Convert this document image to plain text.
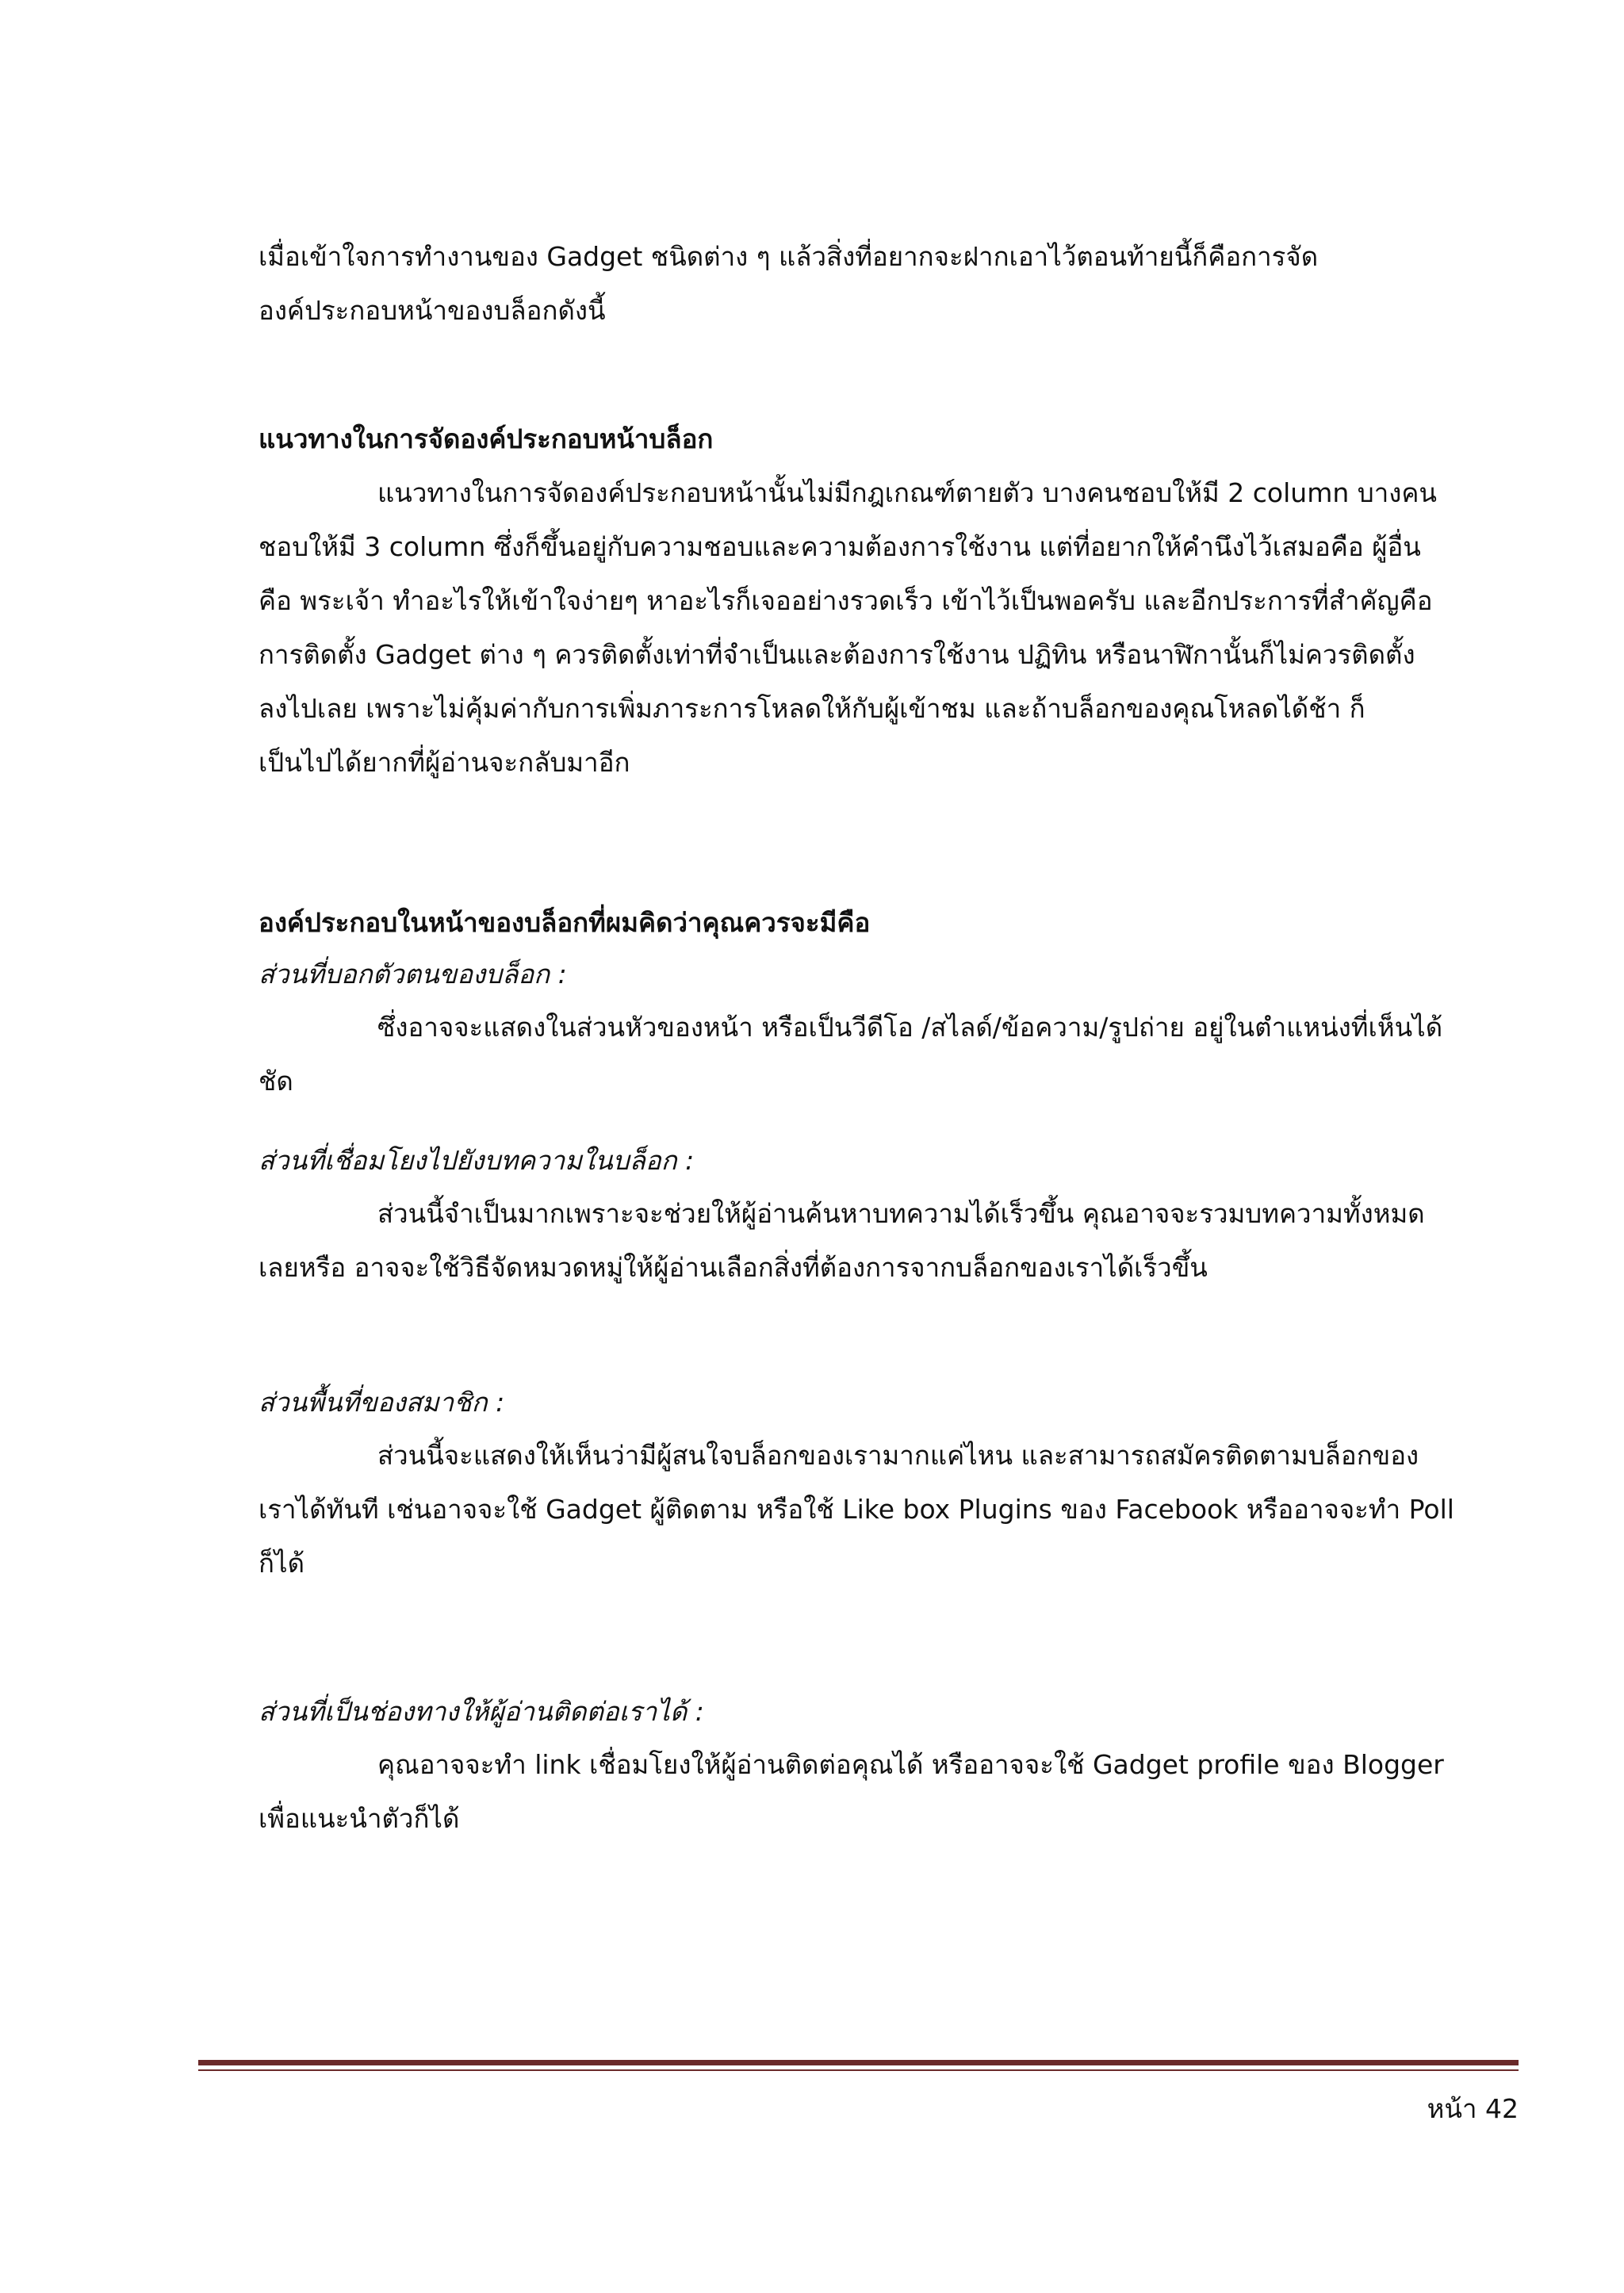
เมื่อเข้าใจการทำงานของ Gadget ชนิดต่าง ๆ แล้วสิ่งที่อยากจะฝากเอาไว้ตอนท้ายนี้ก็คือการจัด
องค์ประกอบหน้าของบล็อกดังนี้
แนวทางในการจัดองค์ประกอบหน้าบล็อก
แนวทางในการจัดองค์ประกอบหน้านั้นไม่มีกฎเกณฑ์ตายตัว บางคนชอบให้มี 2 column บางคน
ชอบให้มี 3 column ซึ่งก็ขึ้นอยู่กับความชอบและความต้องการใช้งาน แต่ที่อยากให้คำนึงไว้เสมอคือ ผู้อื่น
คือ พระเจ้า ทำอะไรให้เข้าใจง่ายๆ หาอะไรก็เจออย่างรวดเร็ว เข้าไว้เป็นพอครับ และอีกประการที่สำคัญคือ
การติดตั้ง Gadget ต่าง ๆ ควรติดตั้งเท่าที่จำเป็นและต้องการใช้งาน ปฏิทิน หรือนาฬิกานั้นก็ไม่ควรติดตั้ง
ลงไปเลย เพราะไม่คุ้มค่ากับการเพิ่มภาระการโหลดให้กับผู้เข้าชม และถ้าบล็อกของคุณโหลดได้ช้า ก็
เป็นไปได้ยากที่ผู้อ่านจะกลับมาอีก
องค์ประกอบในหน้าของบล็อกที่ผมคิดว่าคุณควรจะมีคือ
ส่วนที่บอกตัวตนของบล็อก :
ซึ่งอาจจะแสดงในส่วนหัวของหน้า หรือเป็นวีดีโอ /สไลด์/ข้อความ/รูปถ่าย อยู่ในตำแหน่งที่เห็นได้
ชัด
ส่วนที่เชื่อมโยงไปยังบทความในบล็อก :
ส่วนนี้จำเป็นมากเพราะจะช่วยให้ผู้อ่านค้นหาบทความได้เร็วขึ้น คุณอาจจะรวมบทความทั้งหมด
เลยหรือ อาจจะใช้วิธีจัดหมวดหมู่ให้ผู้อ่านเลือกสิ่งที่ต้องการจากบล็อกของเราได้เร็วขึ้น
ส่วนพื้นที่ของสมาชิก :
ส่วนนี้จะแสดงให้เห็นว่ามีผู้สนใจบล็อกของเรามากแค่ไหน และสามารถสมัครติดตามบล็อกของ
เราได้ทันที เช่นอาจจะใช้ Gadget ผู้ติดตาม หรือใช้ Like box Plugins ของ Facebook หรืออาจจะทำ Poll
ก็ได้
ส่วนที่เป็นช่องทางให้ผู้อ่านติดต่อเราได้ :
คุณอาจจะทำ link เชื่อมโยงให้ผู้อ่านติดต่อคุณได้ หรืออาจจะใช้ Gadget profile ของ Blogger
เพื่อแนะนำตัวก็ได้
หน้า 42
